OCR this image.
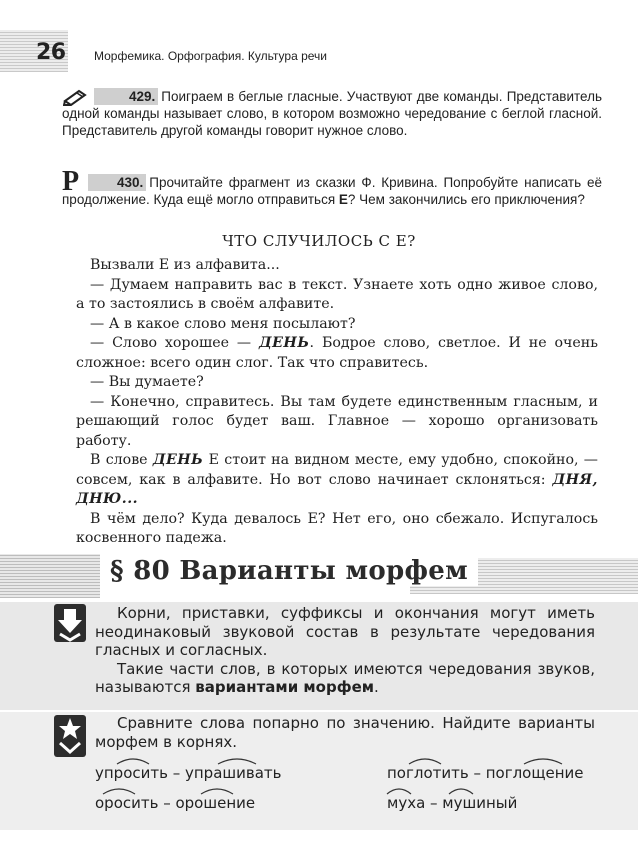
26 Морфемика. Орфография. Культура речи
429. Поиграем в беглые гласные. Участвуют две команды. Представитель одной команды называет слово, в котором возможно чередование с беглой гласной. Представитель другой команды говорит нужное слово.
Р	430. Прочитайте фрагмент из сказки Ф. Кривина. Попробуйте написать её продолжение. Куда ещё могло отправиться Е? Чем закончились его приключения?
ЧТО СЛУЧИЛОСЬ С Е?

Вызвали Е из алфавита...

— Думаем направить вас в текст. Узнаете хоть одно живое слово, а то застоялись в своём алфавите.

— А в какое слово меня посылают?

— Слово хорошее — ДЕНЬ. Бодрое слово, светлое. И не очень сложное: всего один слог. Так что справитесь.

— Вы думаете?

— Конечно, справитесь. Вы там будете единственным гласным, и решающий голос будет ваш. Главное — хорошо организовать работу.

В слове ДЕНЬ Е стоит на видном месте, ему удобно, спокойно, — совсем, как в алфавите. Но вот слово начинает склоняться: ДНЯ, ДНЮ...

В чём дело? Куда девалось Е? Нет его, оно сбежало. Испугалось косвенного падежа.

§ 80 Варианты морфем

Корни, приставки, суффиксы и окончания могут иметь неодинаковый звуковой состав в результате чередования гласных и согласных.

Такие части слов, в которых имеются чередования звуков, называются вариантами морфем.

Сравните слова попарно по значению. Найдите варианты морфем в корнях.
упросить – упрашивать	поглотить – поглощение
оросить – орошение	муха – мушиный
